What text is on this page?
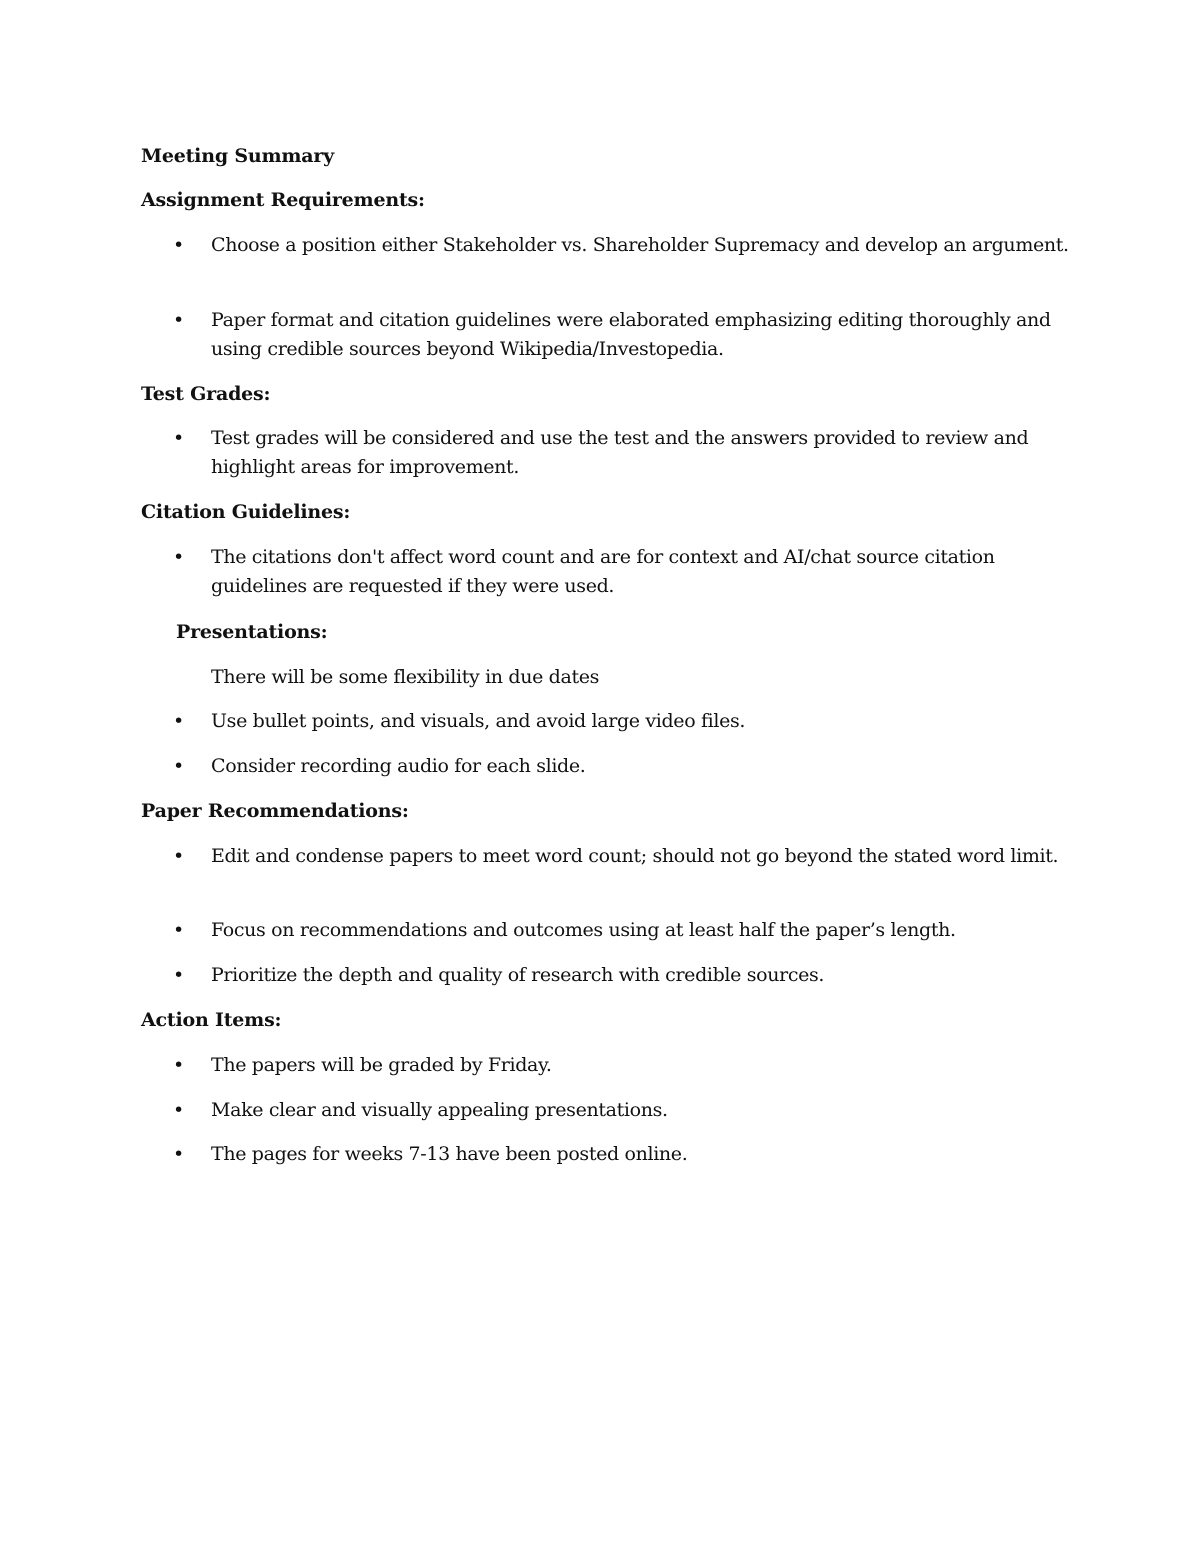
Meeting Summary

Assignment Requirements:

• Choose a position either Stakeholder vs. Shareholder Supremacy and develop an argument.
• Paper format and citation guidelines were elaborated emphasizing editing thoroughly and using credible sources beyond Wikipedia/Investopedia.

Test Grades:

• Test grades will be considered and use the test and the answers provided to review and highlight areas for improvement.

Citation Guidelines:

• The citations don't affect word count and are for context and AI/chat source citation guidelines are requested if they were used.

Presentations:

There will be some flexibility in due dates

• Use bullet points, and visuals, and avoid large video files.
• Consider recording audio for each slide.

Paper Recommendations:

• Edit and condense papers to meet word count; should not go beyond the stated word limit.
• Focus on recommendations and outcomes using at least half the paper’s length.
• Prioritize the depth and quality of research with credible sources.

Action Items:

• The papers will be graded by Friday.
• Make clear and visually appealing presentations.
• The pages for weeks 7-13 have been posted online.
